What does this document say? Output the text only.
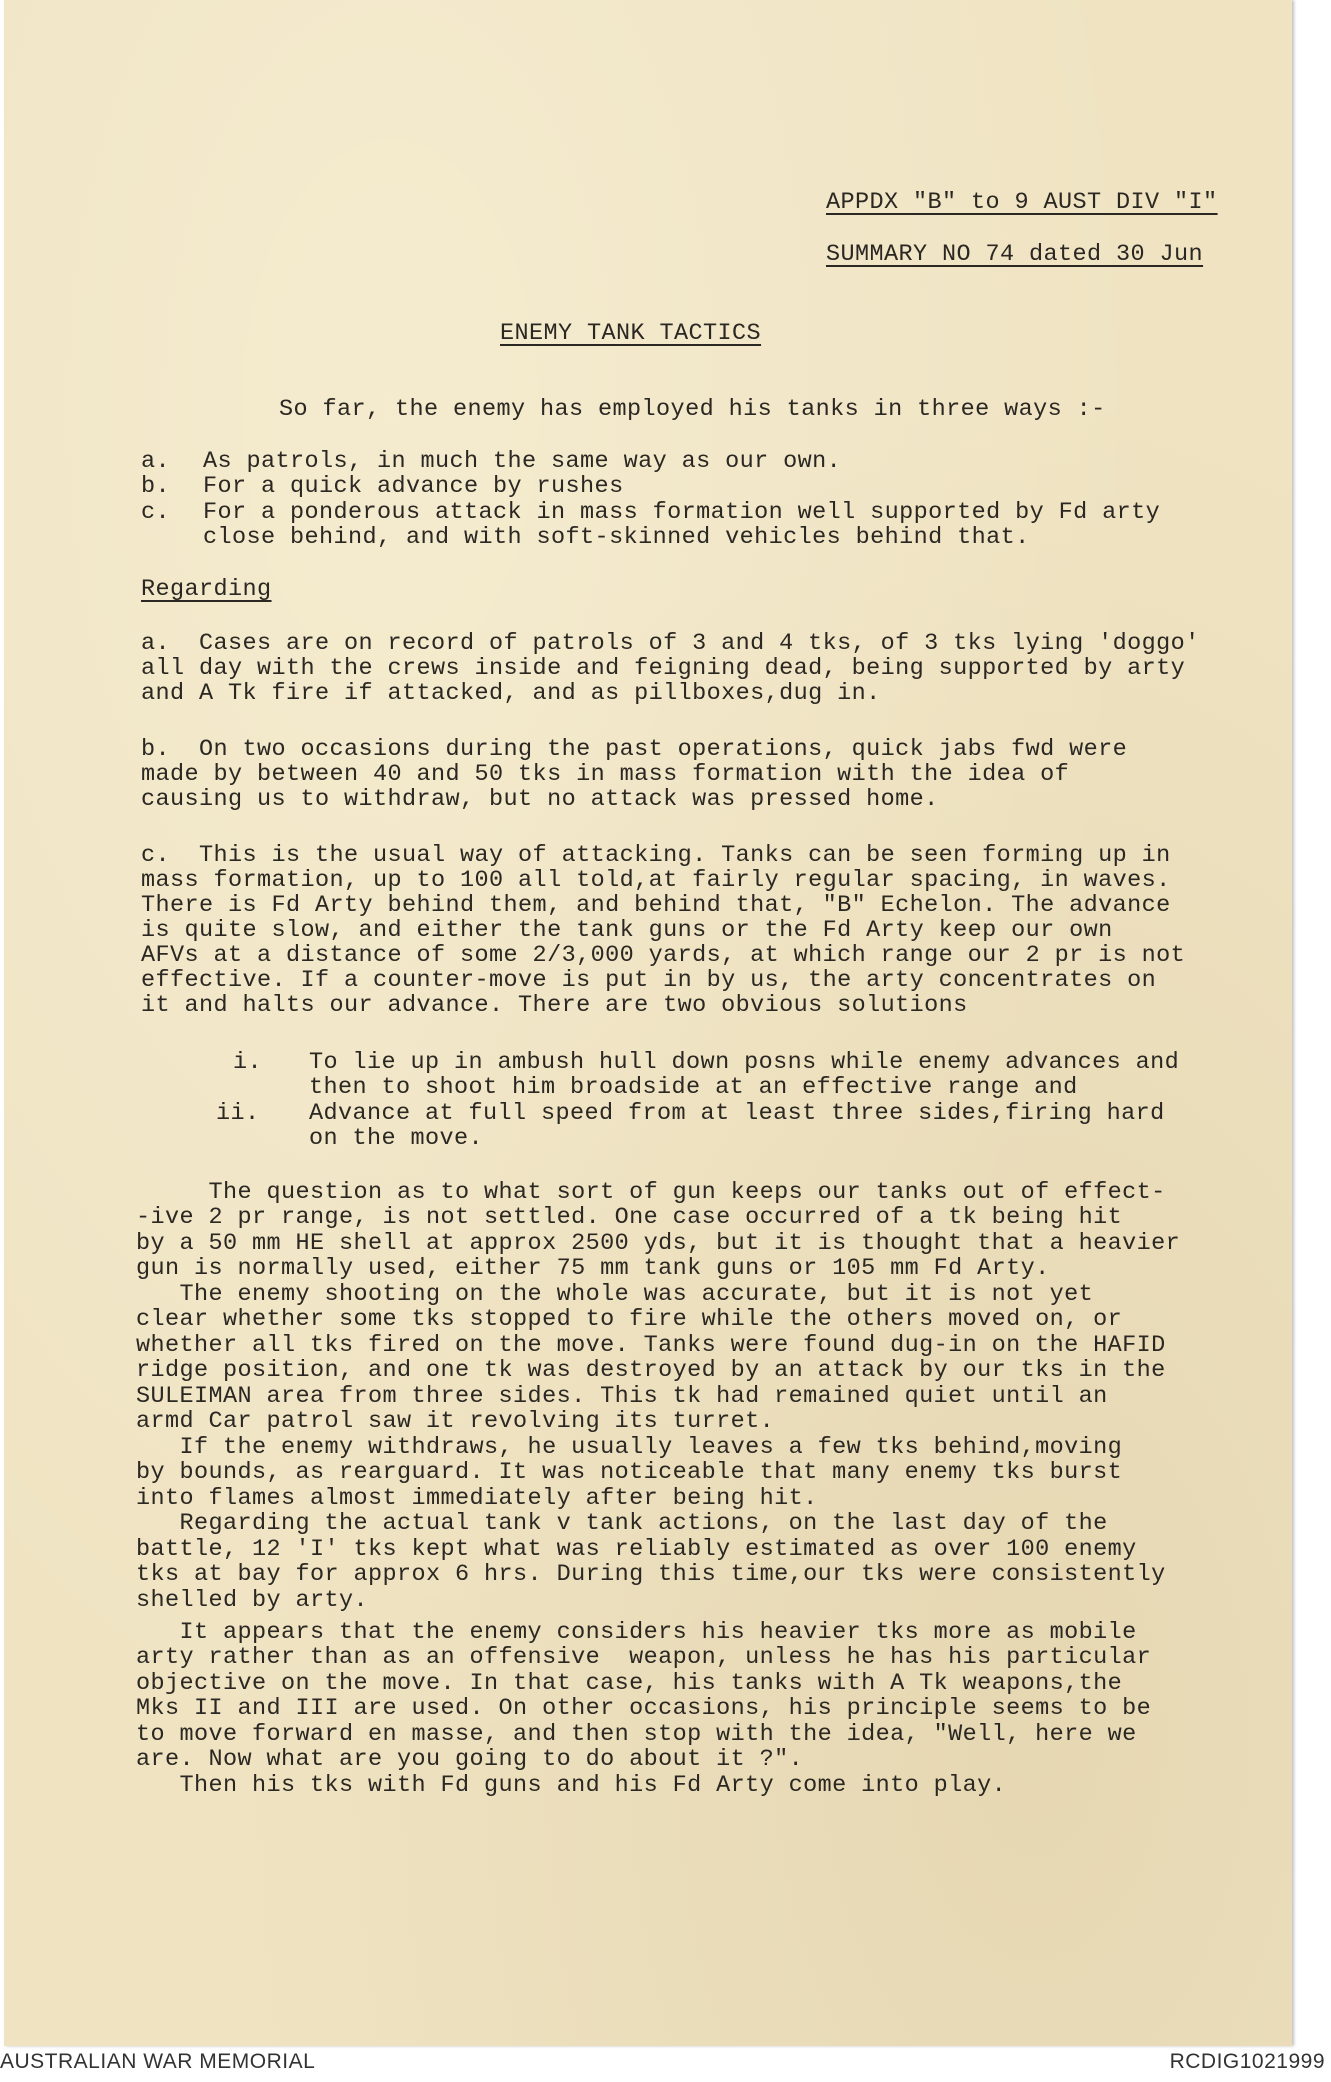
APPDX "B" to 9 AUST DIV "I"
SUMMARY NO 74 dated 30 Jun
ENEMY TANK TACTICS
So far, the enemy has employed his tanks in three ways :-
a. As patrols, in much the same way as our own.
b. For a quick advance by rushes
c. For a ponderous attack in mass formation well supported by Fd arty
close behind, and with soft-skinned vehicles behind that.
Regarding
a.  Cases are on record of patrols of 3 and 4 tks, of 3 tks lying 'doggo'
all day with the crews inside and feigning dead, being supported by arty
and A Tk fire if attacked, and as pillboxes,dug in.
b.  On two occasions during the past operations, quick jabs fwd were
made by between 40 and 50 tks in mass formation with the idea of
causing us to withdraw, but no attack was pressed home.
c.  This is the usual way of attacking. Tanks can be seen forming up in
mass formation, up to 100 all told,at fairly regular spacing, in waves.
There is Fd Arty behind them, and behind that, "B" Echelon. The advance
is quite slow, and either the tank guns or the Fd Arty keep our own
AFVs at a distance of some 2/3,000 yards, at which range our 2 pr is not
effective. If a counter-move is put in by us, the arty concentrates on
it and halts our advance. There are two obvious solutions
i. To lie up in ambush hull down posns while enemy advances and
then to shoot him broadside at an effective range and
ii. Advance at full speed from at least three sides,firing hard
on the move.
The question as to what sort of gun keeps our tanks out of effect-
-ive 2 pr range, is not settled. One case occurred of a tk being hit
by a 50 mm HE shell at approx 2500 yds, but it is thought that a heavier
gun is normally used, either 75 mm tank guns or 105 mm Fd Arty.
The enemy shooting on the whole was accurate, but it is not yet
clear whether some tks stopped to fire while the others moved on, or
whether all tks fired on the move. Tanks were found dug-in on the HAFID
ridge position, and one tk was destroyed by an attack by our tks in the
SULEIMAN area from three sides. This tk had remained quiet until an
armd Car patrol saw it revolving its turret.
If the enemy withdraws, he usually leaves a few tks behind,moving
by bounds, as rearguard. It was noticeable that many enemy tks burst
into flames almost immediately after being hit.
Regarding the actual tank v tank actions, on the last day of the
battle, 12 'I' tks kept what was reliably estimated as over 100 enemy
tks at bay for approx 6 hrs. During this time,our tks were consistently
shelled by arty.
It appears that the enemy considers his heavier tks more as mobile
arty rather than as an offensive  weapon, unless he has his particular
objective on the move. In that case, his tanks with A Tk weapons,the
Mks II and III are used. On other occasions, his principle seems to be
to move forward en masse, and then stop with the idea, "Well, here we
are. Now what are you going to do about it ?".
Then his tks with Fd guns and his Fd Arty come into play.
AUSTRALIAN WAR MEMORIAL	RCDIG1021999
